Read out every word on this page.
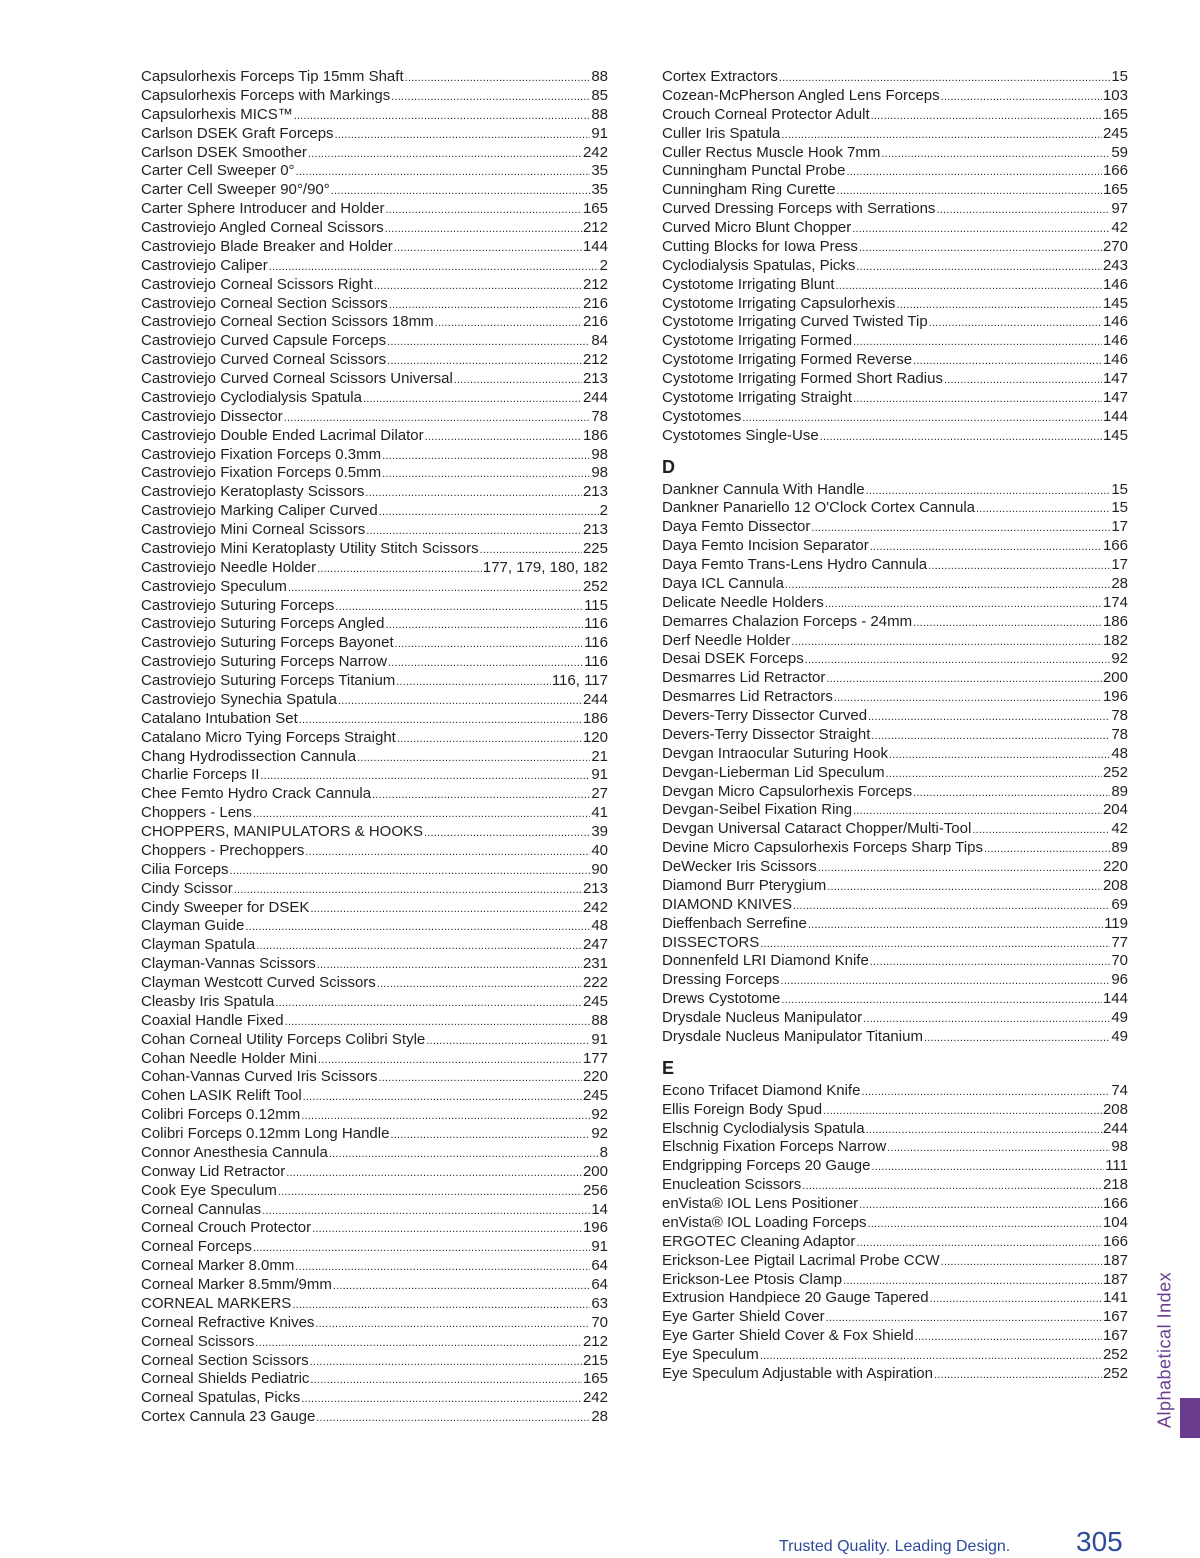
Capsulorhexis Forceps Tip 15mm Shaft .....	88
Capsulorhexis Forceps with Markings .....	85
Capsulorhexis MICS™ .....	88
Carlson DSEK Graft Forceps .....	91
Carlson DSEK Smoother .....	242
Carter Cell Sweeper 0° .....	35
Carter Cell Sweeper 90°/90° .....	35
Carter Sphere Introducer and Holder .....	165
Castroviejo Angled Corneal Scissors .....	212
Castroviejo Blade Breaker and Holder .....	144
Castroviejo Caliper .....	2
Castroviejo Corneal Scissors Right .....	212
Castroviejo Corneal Section Scissors .....	216
Castroviejo Corneal Section Scissors 18mm .....	216
Castroviejo Curved Capsule Forceps .....	84
Castroviejo Curved Corneal Scissors .....	212
Castroviejo Curved Corneal Scissors Universal .....	213
Castroviejo Cyclodialysis Spatula .....	244
Castroviejo Dissector .....	78
Castroviejo Double Ended Lacrimal Dilator .....	186
Castroviejo Fixation Forceps 0.3mm .....	98
Castroviejo Fixation Forceps 0.5mm .....	98
Castroviejo Keratoplasty Scissors .....	213
Castroviejo Marking Caliper Curved .....	2
Castroviejo Mini Corneal Scissors .....	213
Castroviejo Mini Keratoplasty Utility Stitch Scissors .....	225
Castroviejo Needle Holder .....	177, 179, 180, 182
Castroviejo Speculum .....	252
Castroviejo Suturing Forceps .....	115
Castroviejo Suturing Forceps Angled .....	116
Castroviejo Suturing Forceps Bayonet .....	116
Castroviejo Suturing Forceps Narrow .....	116
Castroviejo Suturing Forceps Titanium .....	116, 117
Castroviejo Synechia Spatula .....	244
Catalano Intubation Set .....	186
Catalano Micro Tying Forceps Straight .....	120
Chang Hydrodissection Cannula .....	21
Charlie Forceps II .....	91
Chee Femto Hydro Crack Cannula .....	27
Choppers - Lens .....	41
CHOPPERS, MANIPULATORS & HOOKS .....	39
Choppers - Prechoppers .....	40
Cilia Forceps .....	90
Cindy Scissor .....	213
Cindy Sweeper for DSEK .....	242
Clayman Guide .....	48
Clayman Spatula .....	247
Clayman-Vannas Scissors .....	231
Clayman Westcott Curved Scissors .....	222
Cleasby Iris Spatula .....	245
Coaxial Handle Fixed .....	88
Cohan Corneal Utility Forceps Colibri Style .....	91
Cohan Needle Holder Mini .....	177
Cohan-Vannas Curved Iris Scissors .....	220
Cohen LASIK Relift Tool .....	245
Colibri Forceps 0.12mm .....	92
Colibri Forceps 0.12mm Long Handle .....	92
Connor Anesthesia Cannula .....	8
Conway Lid Retractor .....	200
Cook Eye Speculum .....	256
Corneal Cannulas .....	14
Corneal Crouch Protector .....	196
Corneal Forceps .....	91
Corneal Marker 8.0mm .....	64
Corneal Marker 8.5mm/9mm .....	64
CORNEAL MARKERS .....	63
Corneal Refractive Knives .....	70
Corneal Scissors .....	212
Corneal Section Scissors .....	215
Corneal Shields Pediatric .....	165
Corneal Spatulas, Picks .....	242
Cortex Cannula 23 Gauge .....	28
Cortex Extractors .....	15
Cozean-McPherson Angled Lens Forceps .....	103
Crouch Corneal Protector Adult .....	165
Culler Iris Spatula .....	245
Culler Rectus Muscle Hook 7mm .....	59
Cunningham Punctal Probe .....	166
Cunningham Ring Curette .....	165
Curved Dressing Forceps with Serrations .....	97
Curved Micro Blunt Chopper .....	42
Cutting Blocks for Iowa Press .....	270
Cyclodialysis Spatulas, Picks .....	243
Cystotome Irrigating Blunt .....	146
Cystotome Irrigating Capsulorhexis .....	145
Cystotome Irrigating Curved Twisted Tip .....	146
Cystotome Irrigating Formed .....	146
Cystotome Irrigating Formed Reverse .....	146
Cystotome Irrigating Formed Short Radius .....	147
Cystotome Irrigating Straight .....	147
Cystotomes .....	144
Cystotomes Single-Use .....	145
D
Dankner Cannula With Handle .....	15
Dankner Panariello 12 O'Clock Cortex Cannula .....	15
Daya Femto Dissector .....	17
Daya Femto Incision Separator .....	166
Daya Femto Trans-Lens Hydro Cannula .....	17
Daya ICL Cannula .....	28
Delicate Needle Holders .....	174
Demarres Chalazion Forceps - 24mm .....	186
Derf Needle Holder .....	182
Desai DSEK Forceps .....	92
Desmarres Lid Retractor .....	200
Desmarres Lid Retractors .....	196
Devers-Terry Dissector Curved .....	78
Devers-Terry Dissector Straight .....	78
Devgan Intraocular Suturing Hook .....	48
Devgan-Lieberman Lid Speculum .....	252
Devgan Micro Capsulorhexis Forceps .....	89
Devgan-Seibel Fixation Ring .....	204
Devgan Universal Cataract Chopper/Multi-Tool .....	42
Devine Micro Capsulorhexis Forceps Sharp Tips .....	89
DeWecker Iris Scissors .....	220
Diamond Burr Pterygium .....	208
DIAMOND KNIVES .....	69
Dieffenbach Serrefine .....	119
DISSECTORS .....	77
Donnenfeld LRI Diamond Knife .....	70
Dressing Forceps .....	96
Drews Cystotome .....	144
Drysdale Nucleus Manipulator .....	49
Drysdale Nucleus Manipulator Titanium .....	49
E
Econo Trifacet Diamond Knife .....	74
Ellis Foreign Body Spud .....	208
Elschnig Cyclodialysis Spatula .....	244
Elschnig Fixation Forceps Narrow .....	98
Endgripping Forceps 20 Gauge .....	111
Enucleation Scissors .....	218
enVista® IOL Lens Positioner .....	166
enVista® IOL Loading Forceps .....	104
ERGOTEC Cleaning Adaptor .....	166
Erickson-Lee Pigtail Lacrimal Probe CCW .....	187
Erickson-Lee Ptosis Clamp .....	187
Extrusion Handpiece 20 Gauge Tapered .....	141
Eye Garter Shield Cover .....	167
Eye Garter Shield Cover & Fox Shield .....	167
Eye Speculum .....	252
Eye Speculum Adjustable with Aspiration .....	252 Alphabetical Index
Trusted Quality. Leading Design. 305
